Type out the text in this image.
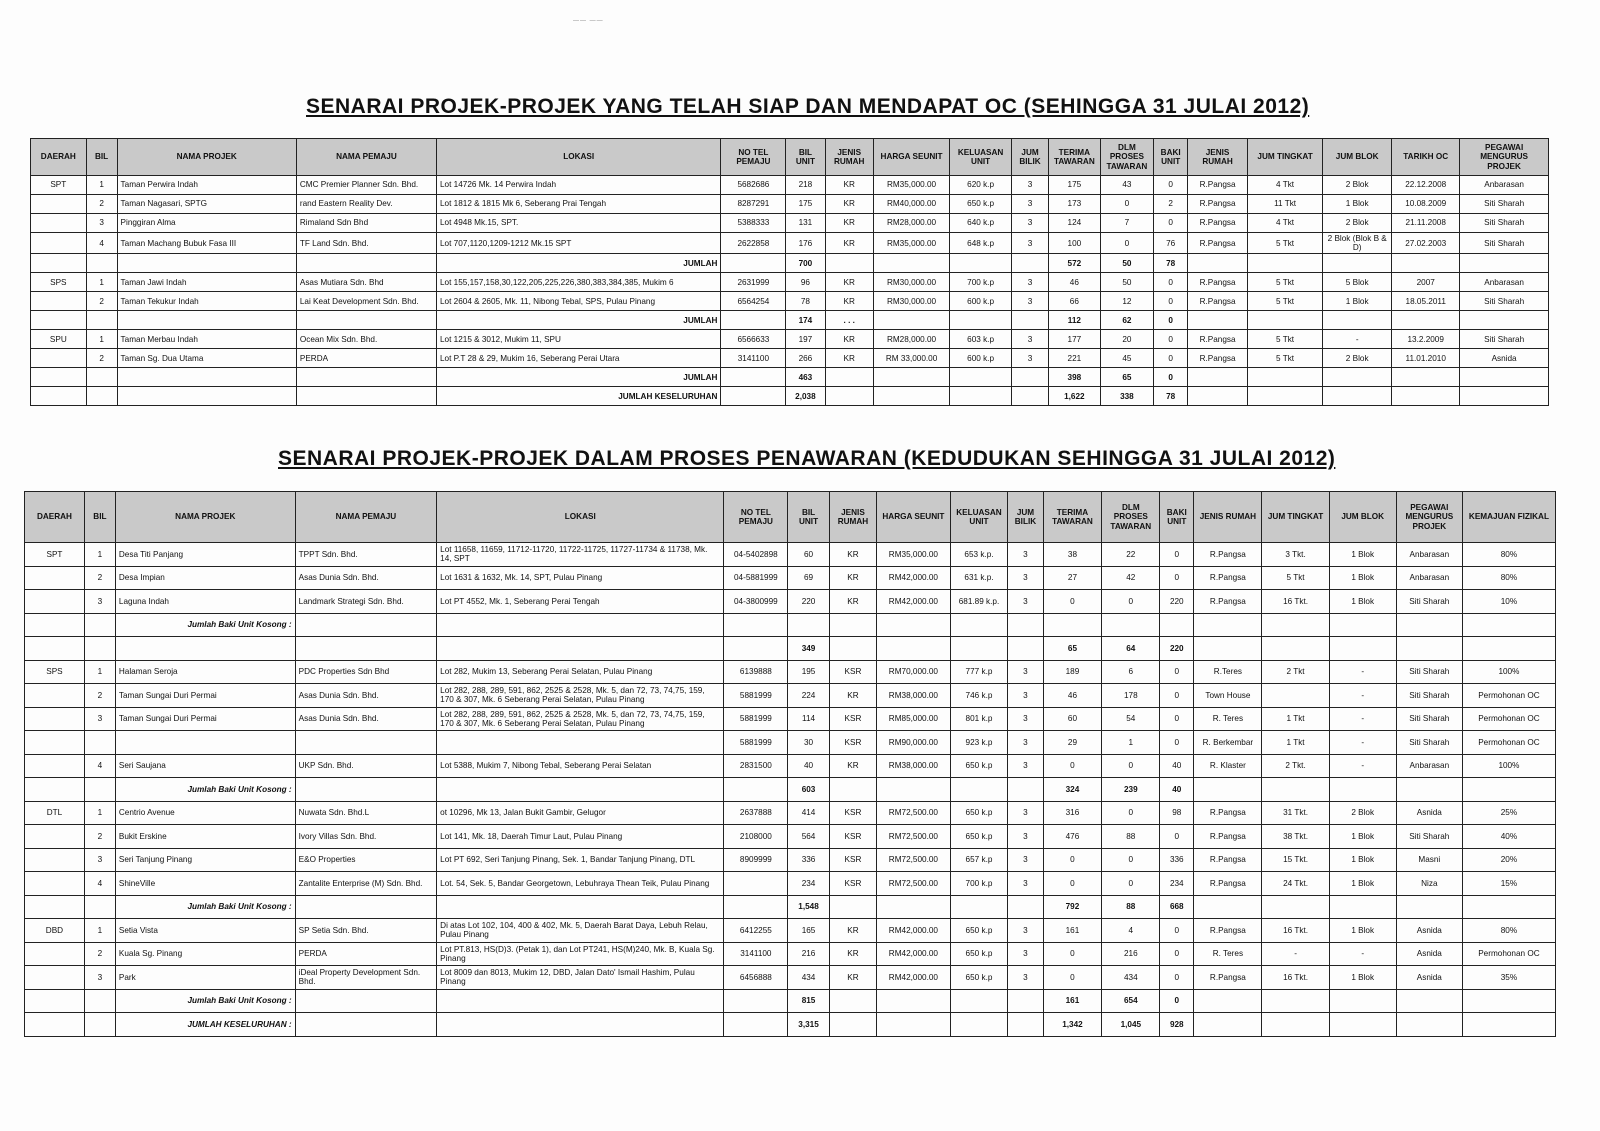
—— ——
SENARAI PROJEK-PROJEK YANG TELAH SIAP DAN MENDAPAT OC (SEHINGGA 31 JULAI 2012)
DAERAH	BIL	NAMA PROJEK	NAMA PEMAJU	LOKASI	NO TEL PEMAJU	BIL UNIT	JENIS RUMAH	HARGA SEUNIT	KELUASAN UNIT	JUM BILIK	TERIMA TAWARAN	DLM PROSES TAWARAN	BAKI UNIT	JENIS RUMAH	JUM TINGKAT	JUM BLOK	TARIKH OC	PEGAWAI MENGURUS PROJEK
SPT	1	Taman Perwira Indah	CMC Premier Planner Sdn. Bhd.	Lot 14726 Mk. 14 Perwira Indah	5682686	218	KR	RM35,000.00	620 k.p	3	175	43	0	R.Pangsa	4 Tkt	2 Blok	22.12.2008	Anbarasan
	2	Taman Nagasari, SPTG	rand Eastern Reality Dev.	Lot 1812 & 1815 Mk 6, Seberang Prai Tengah	8287291	175	KR	RM40,000.00	650 k.p	3	173	0	2	R.Pangsa	11 Tkt	1 Blok	10.08.2009	Siti Sharah
	3	Pinggiran Alma	Rimaland Sdn Bhd	Lot 4948 Mk.15, SPT.	5388333	131	KR	RM28,000.00	640 k.p	3	124	7	0	R.Pangsa	4 Tkt	2 Blok	21.11.2008	Siti Sharah
	4	Taman Machang Bubuk Fasa III	TF Land Sdn. Bhd.	Lot 707,1120,1209-1212 Mk.15 SPT	2622858	176	KR	RM35,000.00	648 k.p	3	100	0	76	R.Pangsa	5 Tkt	2 Blok (Blok B & D)	27.02.2003	Siti Sharah
				JUMLAH		700					572	50	78					
SPS	1	Taman Jawi Indah	Asas Mutiara Sdn. Bhd	Lot 155,157,158,30,122,205,225,226,380,383,384,385, Mukim 6	2631999	96	KR	RM30,000.00	700 k.p	3	46	50	0	R.Pangsa	5 Tkt	5 Blok	2007	Anbarasan
	2	Taman Tekukur Indah	Lai Keat Development Sdn. Bhd.	Lot 2604 & 2605, Mk. 11, Nibong Tebal, SPS, Pulau Pinang	6564254	78	KR	RM30,000.00	600 k.p	3	66	12	0	R.Pangsa	5 Tkt	1 Blok	18.05.2011	Siti Sharah
				JUMLAH		174	. . .				112	62	0					
SPU	1	Taman Merbau Indah	Ocean Mix Sdn. Bhd.	Lot 1215 & 3012, Mukim 11, SPU	6566633	197	KR	RM28,000.00	603 k.p	3	177	20	0	R.Pangsa	5 Tkt	-	13.2.2009	Siti Sharah
	2	Taman Sg. Dua Utama	PERDA	Lot P.T 28 & 29, Mukim 16, Seberang Perai Utara	3141100	266	KR	RM 33,000.00	600 k.p	3	221	45	0	R.Pangsa	5 Tkt	2 Blok	11.01.2010	Asnida
				JUMLAH		463					398	65	0					
				JUMLAH KESELURUHAN		2,038					1,622	338	78					
SENARAI PROJEK-PROJEK DALAM PROSES PENAWARAN (KEDUDUKAN SEHINGGA 31 JULAI 2012)
DAERAH	BIL	NAMA PROJEK	NAMA PEMAJU	LOKASI	NO TEL PEMAJU	BIL UNIT	JENIS RUMAH	HARGA SEUNIT	KELUASAN UNIT	JUM BILIK	TERIMA TAWARAN	DLM PROSES TAWARAN	BAKI UNIT	JENIS RUMAH	JUM TINGKAT	JUM BLOK	PEGAWAI MENGURUS PROJEK	KEMAJUAN FIZIKAL
SPT	1	Desa Titi Panjang	TPPT Sdn. Bhd.	Lot 11658, 11659, 11712-11720, 11722-11725, 11727-11734 & 11738, Mk. 14, SPT	04-5402898	60	KR	RM35,000.00	653 k.p.	3	38	22	0	R.Pangsa	3 Tkt.	1 Blok	Anbarasan	80%
	2	Desa Impian	Asas Dunia Sdn. Bhd.	Lot 1631 & 1632, Mk. 14, SPT, Pulau Pinang	04-5881999	69	KR	RM42,000.00	631 k.p.	3	27	42	0	R.Pangsa	5 Tkt	1 Blok	Anbarasan	80%
	3	Laguna Indah	Landmark Strategi Sdn. Bhd.	Lot PT 4552, Mk. 1, Seberang Perai Tengah	04-3800999	220	KR	RM42,000.00	681.89 k.p.	3	0	0	220	R.Pangsa	16 Tkt.	1 Blok	Siti Sharah	10%
		Jumlah Baki Unit Kosong :																
						349					65	64	220					
SPS	1	Halaman Seroja	PDC Properties Sdn Bhd	Lot 282, Mukim 13, Seberang Perai Selatan, Pulau Pinang	6139888	195	KSR	RM70,000.00	777 k.p	3	189	6	0	R.Teres	2 Tkt	-	Siti Sharah	100%
	2	Taman Sungai Duri Permai	Asas Dunia Sdn. Bhd.	Lot 282, 288, 289, 591, 862, 2525 & 2528, Mk. 5, dan 72, 73, 74,75, 159, 170 & 307, Mk. 6 Seberang Perai Selatan, Pulau Pinang	5881999	224	KR	RM38,000.00	746 k.p	3	46	178	0	Town House		-	Siti Sharah	Permohonan OC
	3	Taman Sungai Duri Permai	Asas Dunia Sdn. Bhd.	Lot 282, 288, 289, 591, 862, 2525 & 2528, Mk. 5, dan 72, 73, 74,75, 159, 170 & 307, Mk. 6 Seberang Perai Selatan, Pulau Pinang	5881999	114	KSR	RM85,000.00	801 k.p	3	60	54	0	R. Teres	1 Tkt	-	Siti Sharah	Permohonan OC
					5881999	30	KSR	RM90,000.00	923 k.p	3	29	1	0	R. Berkembar	1 Tkt	-	Siti Sharah	Permohonan OC
	4	Seri Saujana	UKP Sdn. Bhd.	Lot 5388, Mukim 7, Nibong Tebal, Seberang Perai Selatan	2831500	40	KR	RM38,000.00	650 k.p	3	0	0	40	R. Klaster	2 Tkt.	-	Anbarasan	100%
		Jumlah Baki Unit Kosong :				603					324	239	40					
DTL	1	Centrio Avenue	Nuwata Sdn. Bhd.L	ot 10296, Mk 13, Jalan Bukit Gambir, Gelugor	2637888	414	KSR	RM72,500.00	650 k.p	3	316	0	98	R.Pangsa	31 Tkt.	2 Blok	Asnida	25%
	2	Bukit Erskine	Ivory Villas Sdn. Bhd.	Lot 141, Mk. 18, Daerah Timur Laut, Pulau Pinang	2108000	564	KSR	RM72,500.00	650 k.p	3	476	88	0	R.Pangsa	38 Tkt.	1 Blok	Siti Sharah	40%
	3	Seri Tanjung Pinang	E&O Properties	Lot PT 692, Seri Tanjung Pinang, Sek. 1, Bandar Tanjung Pinang, DTL	8909999	336	KSR	RM72,500.00	657 k.p	3	0	0	336	R.Pangsa	15 Tkt.	1 Blok	Masni	20%
	4	ShineVille	Zantalite Enterprise (M) Sdn. Bhd.	Lot. 54, Sek. 5, Bandar Georgetown, Lebuhraya Thean Teik, Pulau Pinang		234	KSR	RM72,500.00	700 k.p	3	0	0	234	R.Pangsa	24 Tkt.	1 Blok	Niza	15%
		Jumlah Baki Unit Kosong :				1,548					792	88	668					
DBD	1	Setia Vista	SP Setia Sdn. Bhd.	Di atas Lot 102, 104, 400 & 402, Mk. 5, Daerah Barat Daya, Lebuh Relau, Pulau Pinang	6412255	165	KR	RM42,000.00	650 k.p	3	161	4	0	R.Pangsa	16 Tkt.	1 Blok	Asnida	80%
	2	Kuala Sg. Pinang	PERDA	Lot PT.813, HS(D)3. (Petak 1), dan Lot PT241, HS(M)240, Mk. B, Kuala Sg. Pinang	3141100	216	KR	RM42,000.00	650 k.p	3	0	216	0	R. Teres	-	-	Asnida	Permohonan OC
	3	Park	iDeal Property Development Sdn. Bhd.	Lot 8009 dan 8013, Mukim 12, DBD, Jalan Dato' Ismail Hashim, Pulau Pinang	6456888	434	KR	RM42,000.00	650 k.p	3	0	434	0	R.Pangsa	16 Tkt.	1 Blok	Asnida	35%
		Jumlah Baki Unit Kosong :				815					161	654	0					
		JUMLAH KESELURUHAN :				3,315					1,342	1,045	928					
